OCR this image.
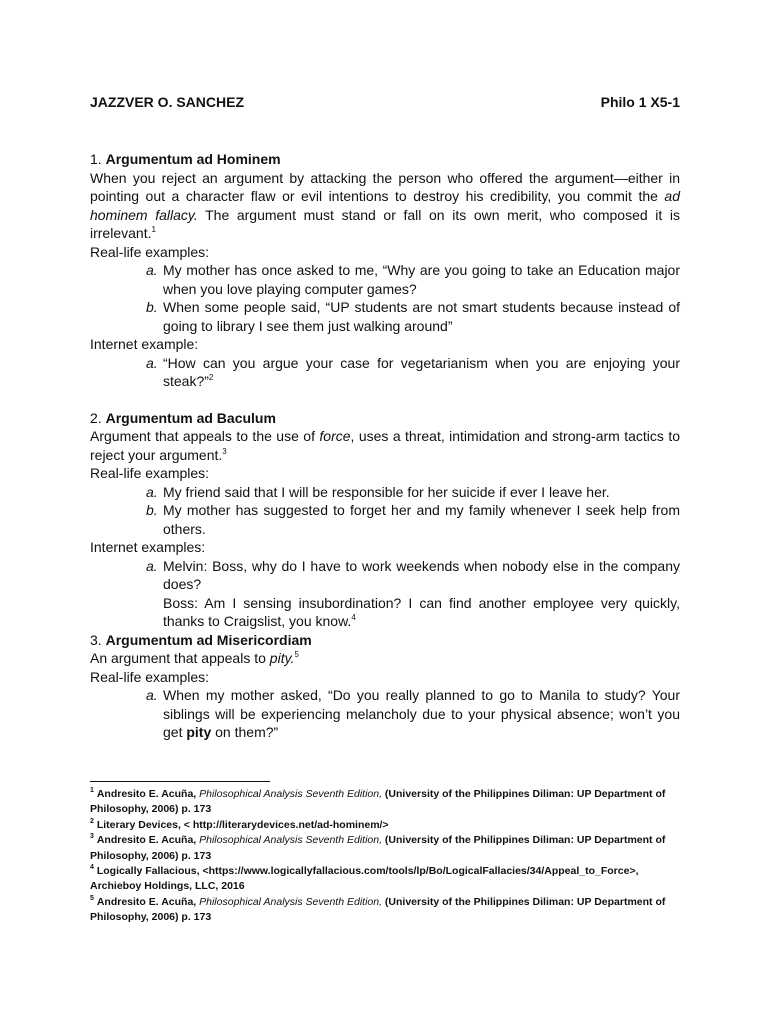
JAZZVER O. SANCHEZ	Philo 1 X5-1

1. Argumentum ad Hominem

When you reject an argument by attacking the person who offered the argument—either in pointing out a character flaw or evil intentions to destroy his credibility, you commit the ad hominem fallacy. The argument must stand or fall on its own merit, who composed it is irrelevant.$^1$

Real-life examples:

a. My mother has once asked to me, “Why are you going to take an Education major when you love playing computer games?

b. When some people said, “UP students are not smart students because instead of going to library I see them just walking around”

Internet example:

a. “How can you argue your case for vegetarianism when you are enjoying your steak?”$^2$

2. Argumentum ad Baculum

Argument that appeals to the use of force, uses a threat, intimidation and strong-arm tactics to reject your argument.$^3$

Real-life examples:

a. My friend said that I will be responsible for her suicide if ever I leave her.

b. My mother has suggested to forget her and my family whenever I seek help from others.

Internet examples:

a. Melvin: Boss, why do I have to work weekends when nobody else in the company does?

Boss: Am I sensing insubordination? I can find another employee very quickly, thanks to Craigslist, you know.$^4$

3. Argumentum ad Misericordiam

An argument that appeals to pity.$^5$

Real-life examples:

a. When my mother asked, “Do you really planned to go to Manila to study? Your siblings will be experiencing melancholy due to your physical absence; won’t you get pity on them?”

$^1$ Andresito E. Acuña, Philosophical Analysis Seventh Edition, (University of the Philippines Diliman: UP Department of Philosophy, 2006) p. 173

$^2$ Literary Devices, < http://literarydevices.net/ad-hominem/>

$^3$ Andresito E. Acuña, Philosophical Analysis Seventh Edition, (University of the Philippines Diliman: UP Department of Philosophy, 2006) p. 173

$^4$ Logically Fallacious, <https://www.logicallyfallacious.com/tools/lp/Bo/LogicalFallacies/34/Appeal_to_Force>, Archieboy Holdings, LLC, 2016

$^5$ Andresito E. Acuña, Philosophical Analysis Seventh Edition, (University of the Philippines Diliman: UP Department of Philosophy, 2006) p. 173
